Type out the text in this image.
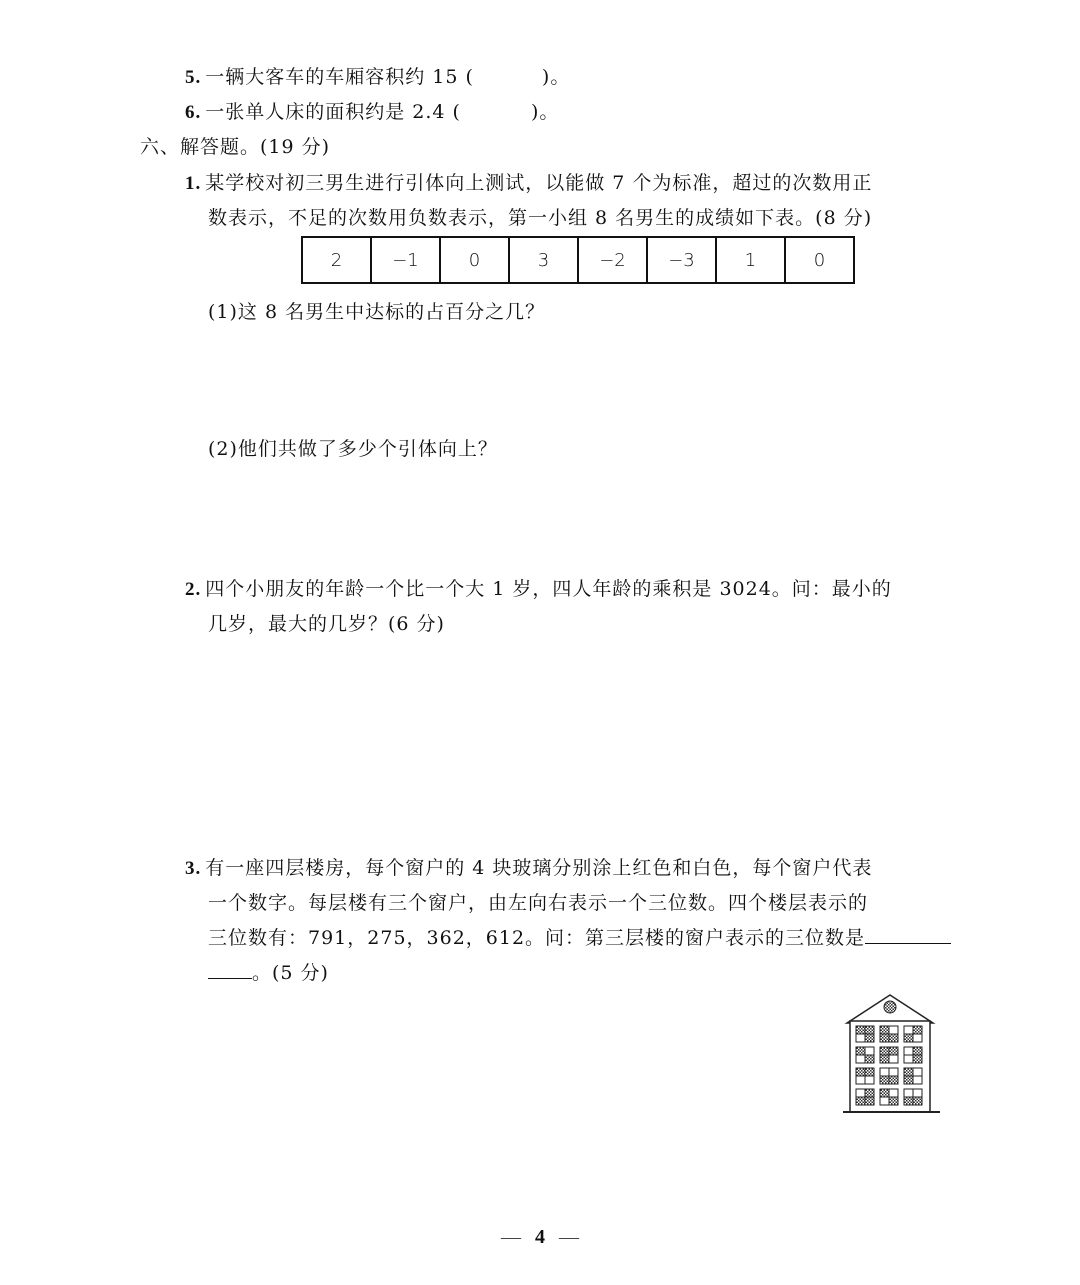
5. 一辆大客车的车厢容积约 15 (	)。
6. 一张单人床的面积约是 2.4 (	)。
六、解答题。(19 分)
1. 某学校对初三男生进行引体向上测试，以能做 7 个为标准，超过的次数用正
数表示，不足的次数用负数表示，第一小组 8 名男生的成绩如下表。(8 分)
2	−1	0	3	−2	−3	1	0
(1)这 8 名男生中达标的占百分之几？
(2)他们共做了多少个引体向上？
2. 四个小朋友的年龄一个比一个大 1 岁，四人年龄的乘积是 3024。问：最小的
几岁，最大的几岁？(6 分)
3. 有一座四层楼房，每个窗户的 4 块玻璃分别涂上红色和白色，每个窗户代表
一个数字。每层楼有三个窗户，由左向右表示一个三位数。四个楼层表示的
三位数有：791，275，362，612。问：第三层楼的窗户表示的三位数是
。(5 分)
— 4 —
